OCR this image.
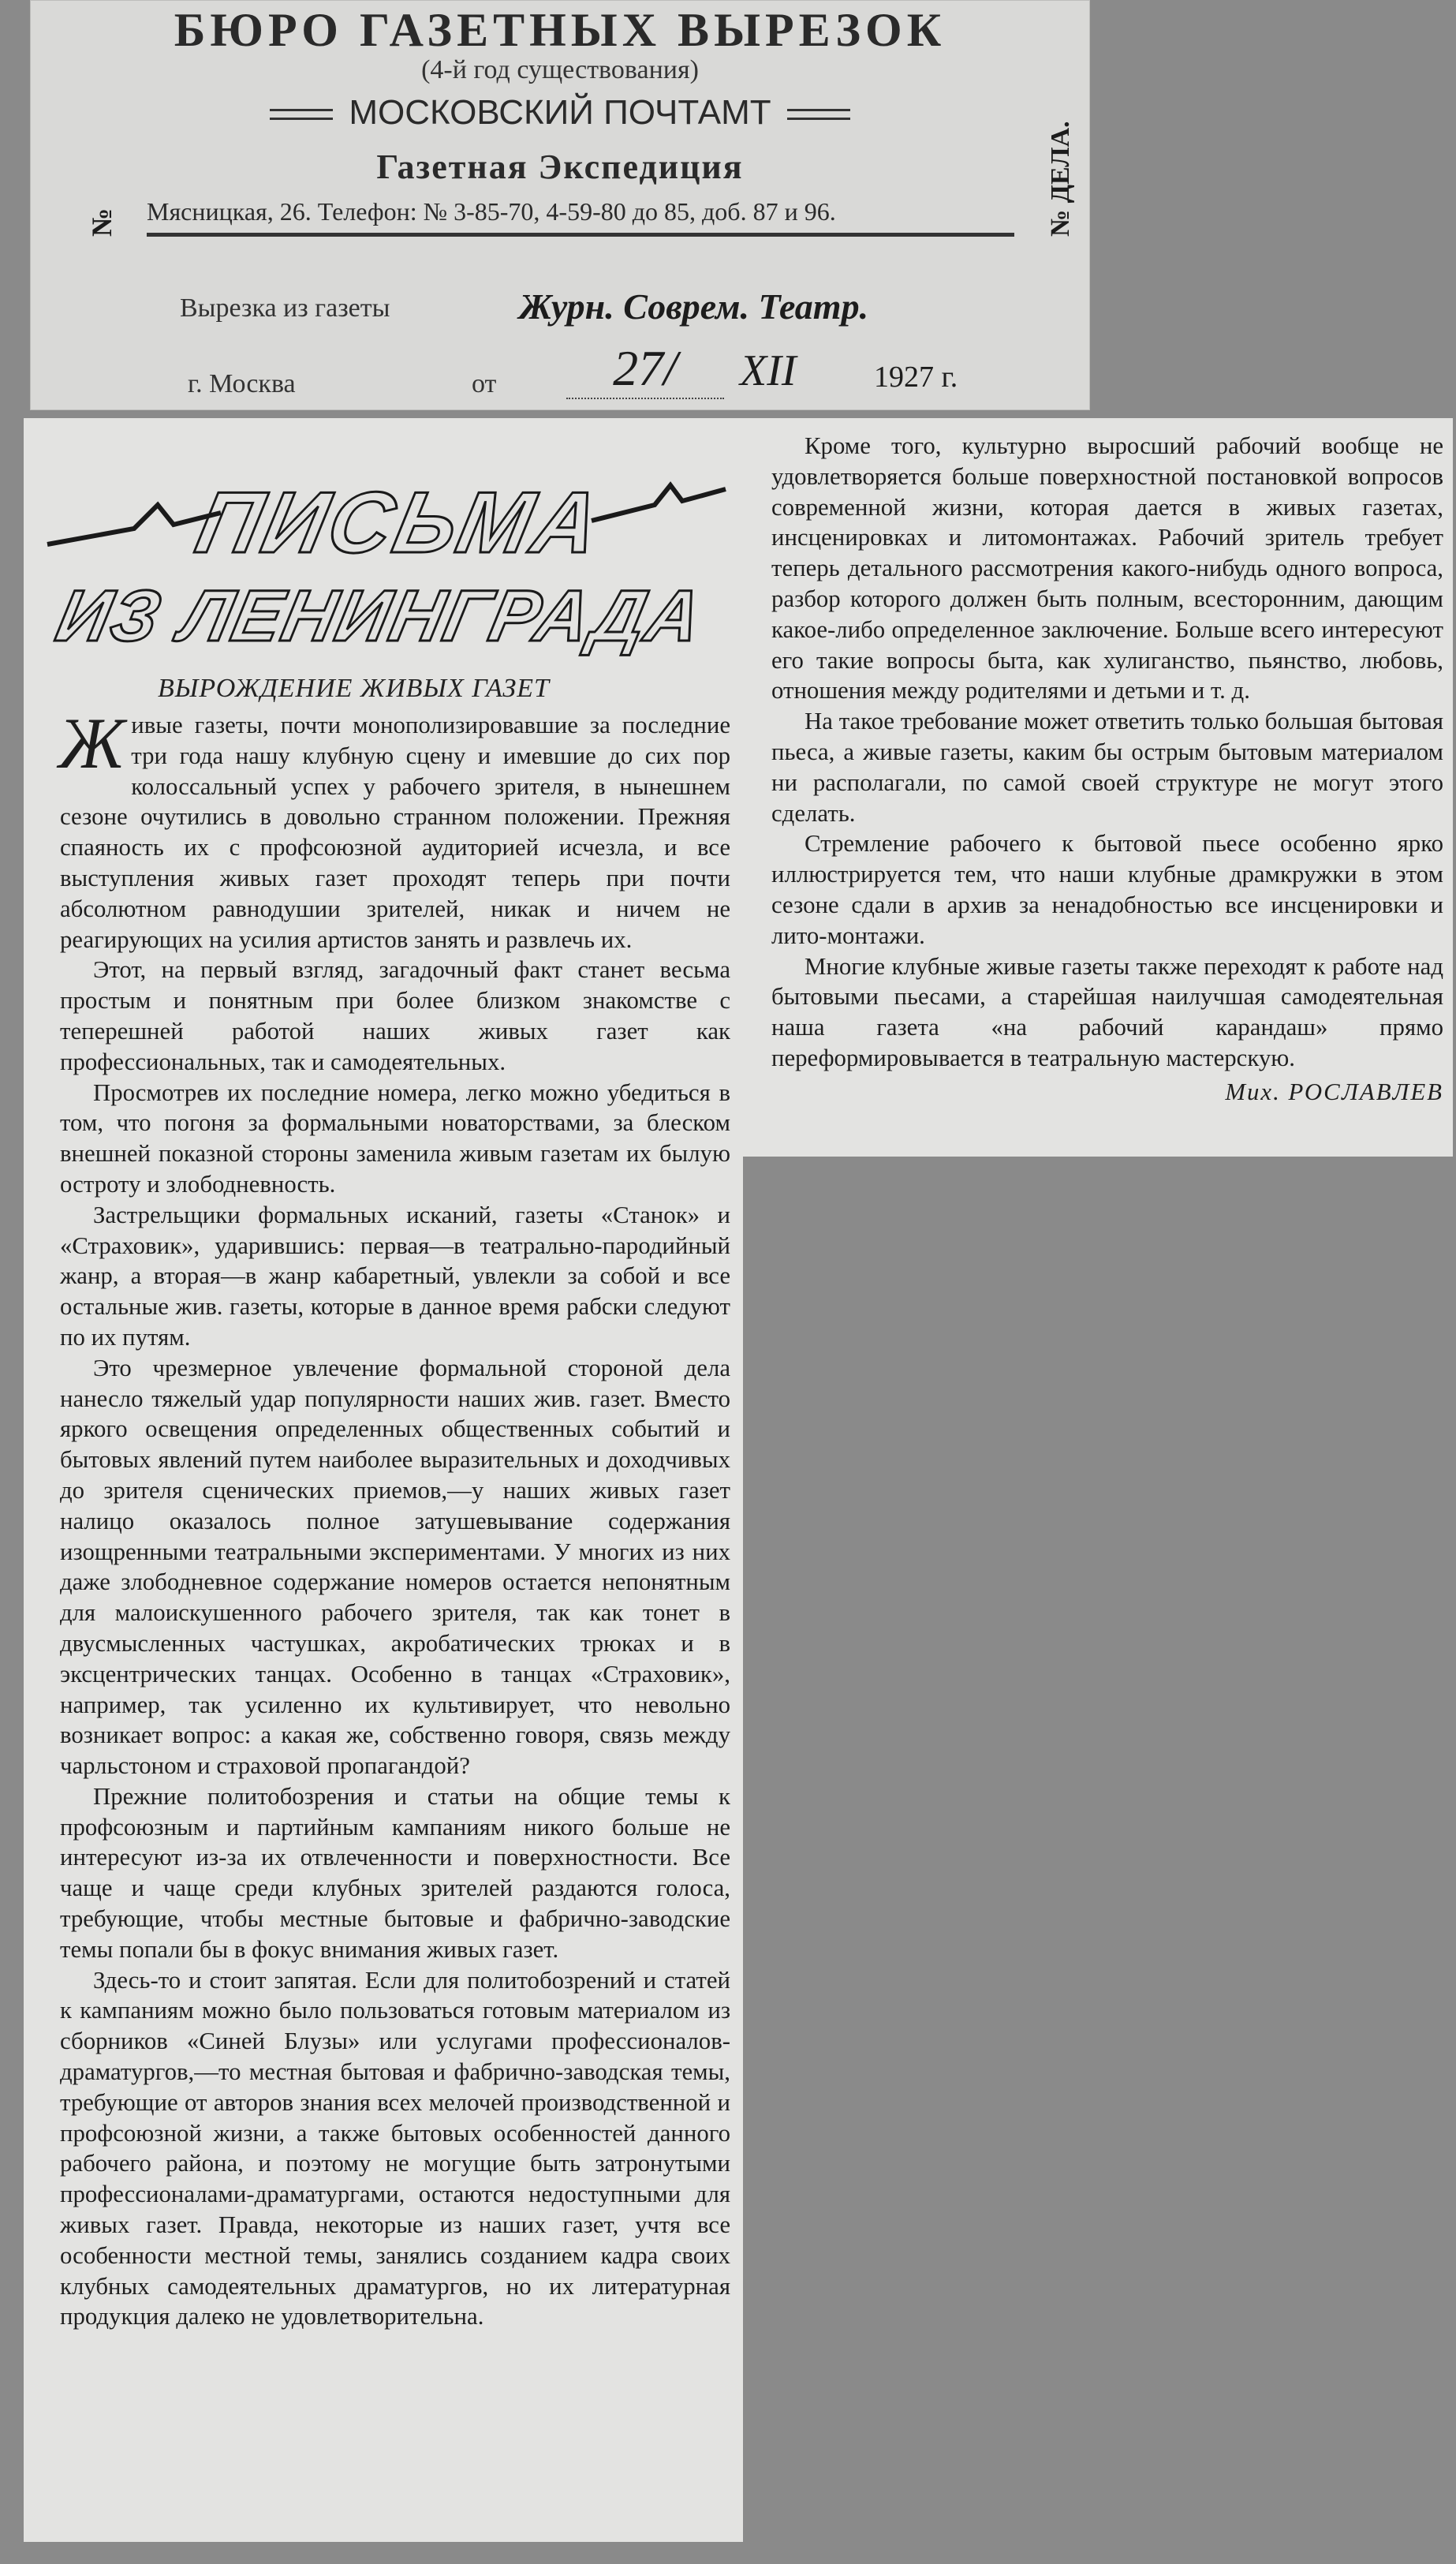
БЮРО ГАЗЕТНЫХ ВЫРЕЗОК
(4-й год существования)
МОСКОВСКИЙ ПОЧТАМТ
Газетная Экспедиция
Мясницкая, 26. Телефон: № 3-85-70, 4-59-80 до 85, доб. 87 и 96.
№	№ ДЕЛА.
Вырезка из газеты	Журн. Соврем. Театр.
г. Москва	от	27/	XII	1927 г.
ПИСЬМА
ИЗ ЛЕНИНГРАДА
ВЫРОЖДЕНИЕ ЖИВЫХ ГАЗЕТ

Живые газеты, почти монополизировавшие за последние три года нашу клубную сцену и имевшие до сих пор колоссальный успех у рабочего зрителя, в нынешнем сезоне очутились в довольно странном положении. Прежняя спаяность их с профсоюзной аудиторией исчезла, и все выступления живых газет проходят теперь при почти абсолютном равнодушии зрителей, никак и ничем не реагирующих на усилия артистов занять и развлечь их.

Этот, на первый взгляд, загадочный факт станет весьма простым и понятным при более близком знакомстве с теперешней работой наших живых газет как профессиональных, так и самодеятельных.

Просмотрев их последние номера, легко можно убедиться в том, что погоня за формальными новаторствами, за блеском внешней показной стороны заменила живым газетам их былую остроту и злободневность.

Застрельщики формальных исканий, газеты «Станок» и «Страховик», ударившись: первая—в театрально-пародийный жанр, а вторая—в жанр кабаретный, увлекли за собой и все остальные жив. газеты, которые в данное время рабски следуют по их путям.

Это чрезмерное увлечение формальной стороной дела нанесло тяжелый удар популярности наших жив. газет. Вместо яркого освещения определенных общественных событий и бытовых явлений путем наиболее выразительных и доходчивых до зрителя сценических приемов,—у наших живых газет налицо оказалось полное затушевывание содержания изощренными театральными экспериментами. У многих из них даже злободневное содержание номеров остается непонятным для малоискушенного рабочего зрителя, так как тонет в двусмысленных частушках, акробатических трюках и в эксцентрических танцах. Особенно в танцах «Страховик», например, так усиленно их культивирует, что невольно возникает вопрос: а какая же, собственно говоря, связь между чарльстоном и страховой пропагандой?

Прежние политобозрения и статьи на общие темы к профсоюзным и партийным кампаниям никого больше не интересуют из-за их отвлеченности и поверхностности. Все чаще и чаще среди клубных зрителей раздаются голоса, требующие, чтобы местные бытовые и фабрично-заводские темы попали бы в фокус внимания живых газет.

Здесь-то и стоит запятая. Если для политобозрений и статей к кампаниям можно было пользоваться готовым материалом из сборников «Синей Блузы» или услугами профессионалов-драматургов,—то местная бытовая и фабрично-заводская темы, требующие от авторов знания всех мелочей производственной и профсоюзной жизни, а также бытовых особенностей данного рабочего района, и поэтому не могущие быть затронутыми профессионалами-драматургами, остаются недоступными для живых газет. Правда, некоторые из наших газет, учтя все особенности местной темы, занялись созданием кадра своих клубных самодеятельных драматургов, но их литературная продукция далеко не удовлетворительна.

Кроме того, культурно выросший рабочий вообще не удовлетворяется больше поверхностной постановкой вопросов современной жизни, которая дается в живых газетах, инсценировках и литомонтажах. Рабочий зритель требует теперь детального рассмотрения какого-нибудь одного вопроса, разбор которого должен быть полным, всесторонним, дающим какое-либо определенное заключение. Больше всего интересуют его такие вопросы быта, как хулиганство, пьянство, любовь, отношения между родителями и детьми и т. д.

На такое требование может ответить только большая бытовая пьеса, а живые газеты, каким бы острым бытовым материалом ни располагали, по самой своей структуре не могут этого сделать.

Стремление рабочего к бытовой пьесе особенно ярко иллюстрируется тем, что наши клубные драмкружки в этом сезоне сдали в архив за ненадобностью все инсценировки и лито-монтажи.

Многие клубные живые газеты также переходят к работе над бытовыми пьесами, а старейшая наилучшая самодеятельная наша газета «на рабочий карандаш» прямо переформировывается в театральную мастерскую.

Мих. РОСЛАВЛЕВ
